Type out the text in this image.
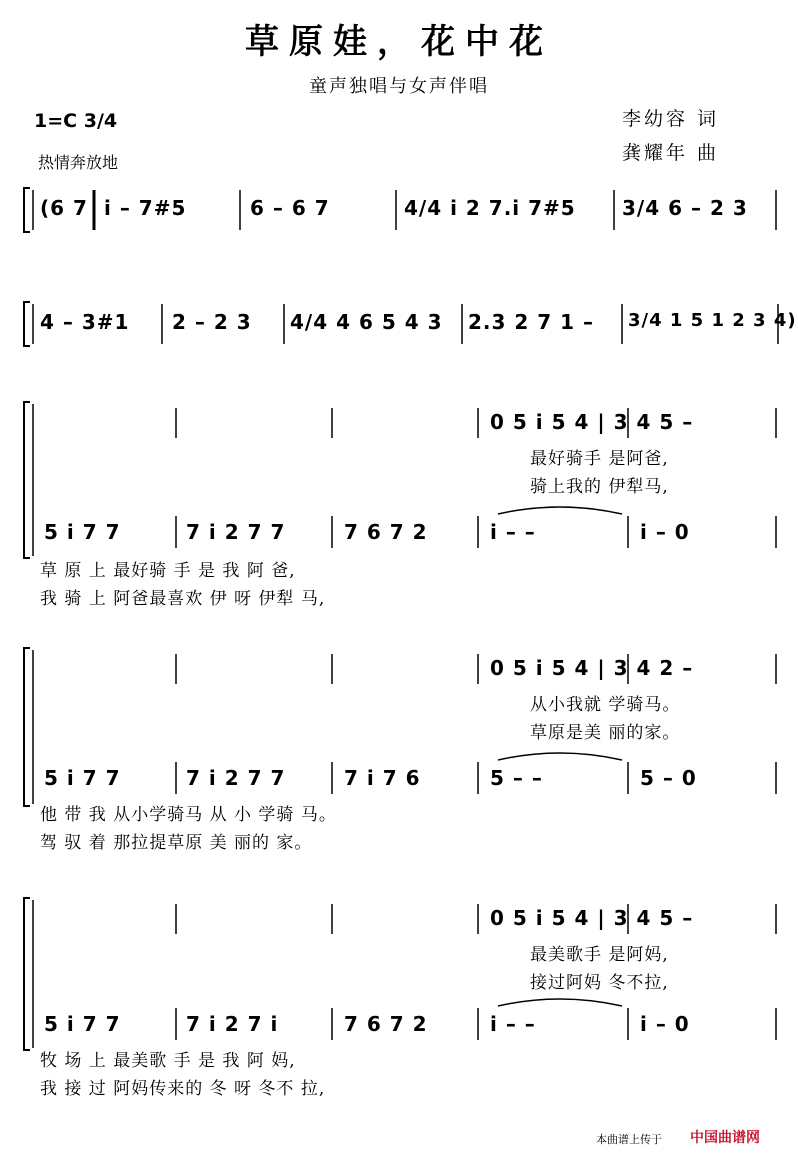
草原娃，花中花
童声独唱与女声伴唱
李幼容 词
龚耀年 曲
1=C 3/4
热情奔放地
(6 7 i – 7#5	6 – 6 7	4/4 i 2 7.i 7#5 3/4 6 – 2 3
4 – 3#1 2 – 2 3 4/4 4 6 5 4 3 2.3 2 7 1 – 3/4 1 5 1 2 3 4)
0 5 i 5 4 | 3 4 5 –
最好骑手 是阿爸,
骑上我的 伊犁马,
5 i 7 7	7 i 2 7 7	7 6 7 2	i – –	i – 0
草 原 上 最好骑 手 是 我 阿 爸,
我 骑 上 阿爸最喜欢 伊 呀 伊犁 马,
0 5 i 5 4 | 3 4 2 –
从小我就 学骑马。
草原是美 丽的家。
5 i 7 7	7 i 2 7 7	7 i 7 6	5 – –	5 – 0
他 带 我 从小学骑马 从 小 学骑 马。
驾 驭 着 那拉提草原 美 丽的 家。
0 5 i 5 4 | 3 4 5 –
最美歌手 是阿妈,
接过阿妈 冬不拉,
5 i 7 7	7 i 2 7 i	7 6 7 2	i – –	i – 0
牧 场 上 最美歌 手 是 我 阿 妈,
我 接 过 阿妈传来的 冬 呀 冬不 拉,
本曲谱上传于 中国曲谱网
